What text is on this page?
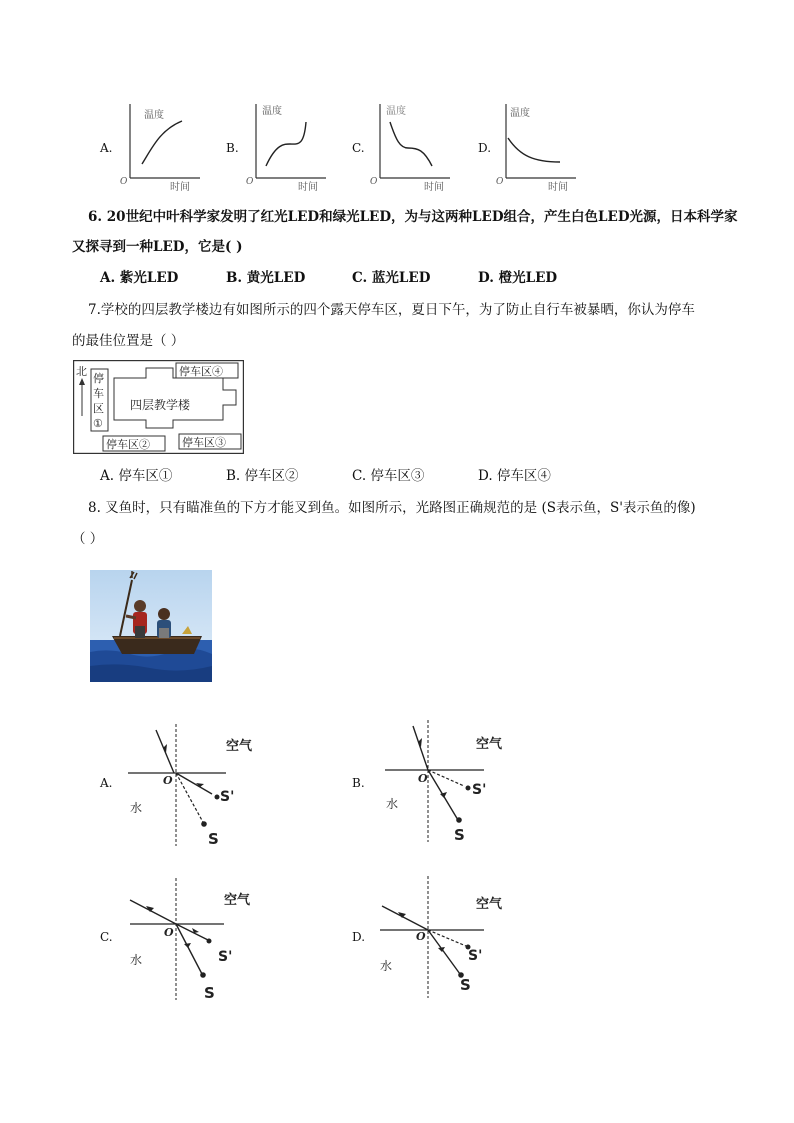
A.
温度
时间
O
B.
温度
时间
O
C.
温度
时间
O
D.
温度
时间
O
6. 20世纪中叶科学家发明了红光LED和绿光LED，为与这两种LED组合，产生白色LED光源，日本科学家
又探寻到一种LED，它是( )
A. 紫光LED	B. 黄光LED	C. 蓝光LED	D. 橙光LED
7.学校的四层教学楼边有如图所示的四个露天停车区，夏日下午，为了防止自行车被暴晒，你认为停车
的最佳位置是（ ）
北
停
车
区
①
四层教学楼
停车区④
停车区②	停车区③
A. 停车区①	B. 停车区②	C. 停车区③	D. 停车区④
8. 叉鱼时，只有瞄准鱼的下方才能叉到鱼。如图所示，光路图正确规范的是 (S表示鱼，S'表示鱼的像)
（ ）
A.
空气
水
O
S'
S
B.
空气
水
O
S'
S
C.
空气
水
O
S'
S
D.
空气
水
O
S'
S
